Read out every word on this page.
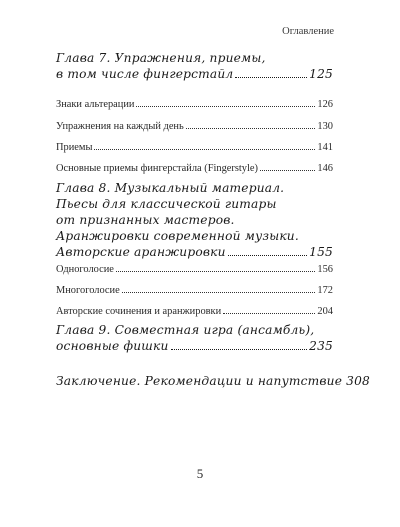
Оглавление
Глава 7. Упражнения, приемы,
в том числе фингерстайл	125
Знаки альтерации	126
Упражнения на каждый день	130
Приемы	141
Основные приемы фингерстайла (Fingerstyle)	146
Глава 8. Музыкальный материал.
Пьесы для классической гитары
от признанных мастеров.
Аранжировки современной музыки.
Авторские аранжировки	155
Одноголосие	156
Многоголосие	172
Авторские сочинения и аранжировки	204
Глава 9. Совместная игра (ансамбль),
основные фишки	235
Заключение. Рекомендации и напутствие 308
5
